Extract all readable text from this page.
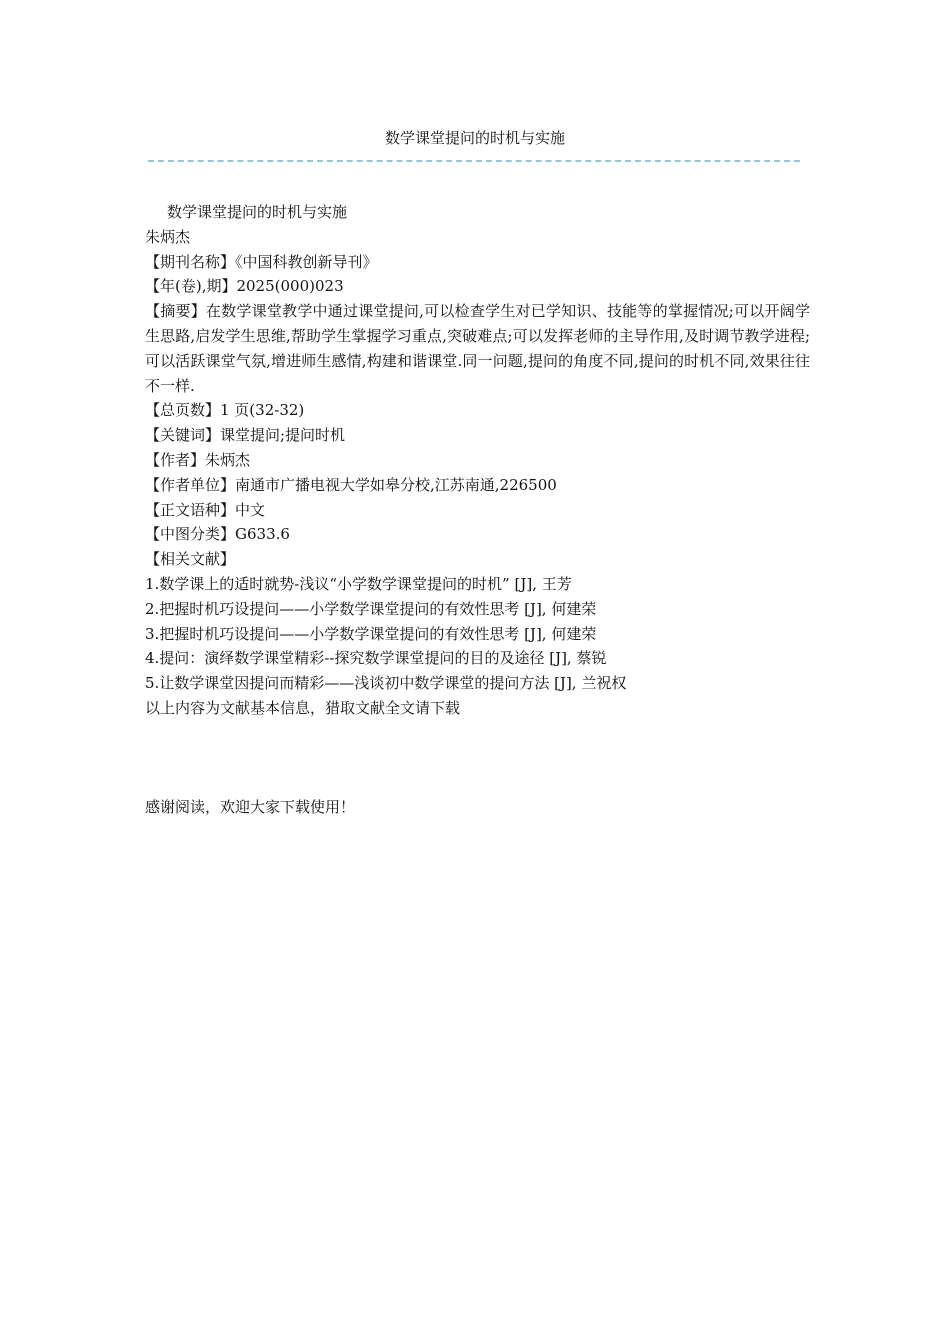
数学课堂提问的时机与实施

数学课堂提问的时机与实施

朱炳杰

【期刊名称】《中国科教创新导刊》

【年(卷),期】2025(000)023

【摘要】在数学课堂教学中通过课堂提问,可以检查学生对已学知识、技能等的掌握情况;可以开阔学生思路,启发学生思维,帮助学生掌握学习重点,突破难点;可以发挥老师的主导作用,及时调节教学进程;可以活跃课堂气氛,增进师生感情,构建和谐课堂.同一问题,提问的角度不同,提问的时机不同,效果往往不一样.

【总页数】1 页(32-32)

【关键词】课堂提问;提问时机

【作者】朱炳杰

【作者单位】南通市广播电视大学如皋分校,江苏南通,226500

【正文语种】中文

【中图分类】G633.6

【相关文献】

1.数学课上的适时就势-浅议“小学数学课堂提问的时机” [J], 王芳
2.把握时机巧设提问——小学数学课堂提问的有效性思考 [J], 何建荣
3.把握时机巧设提问——小学数学课堂提问的有效性思考 [J], 何建荣
4.提问：演绎数学课堂精彩--探究数学课堂提问的目的及途径 [J], 蔡锐
5.让数学课堂因提问而精彩——浅谈初中数学课堂的提问方法 [J], 兰祝权

以上内容为文献基本信息，猎取文献全文请下载

感谢阅读，欢迎大家下载使用！
